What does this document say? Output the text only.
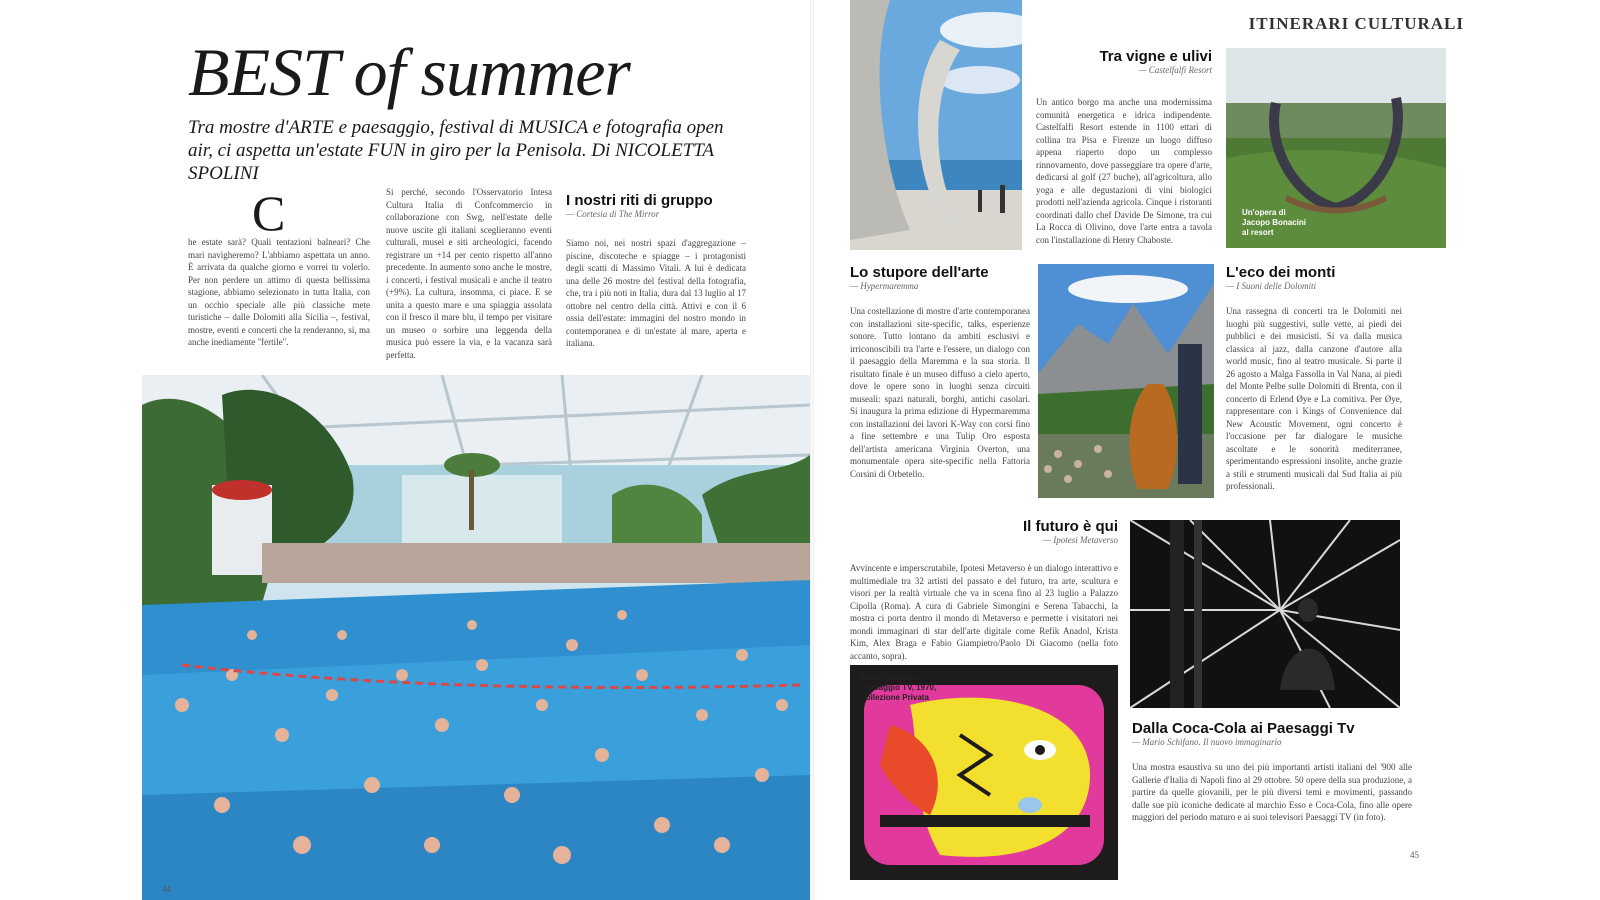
BEST of summer

Tra mostre d'ARTE e paesaggio, festival di MUSICA e fotografia open air, ci aspetta un'estate FUN in giro per la Penisola. Di NICOLETTA SPOLINI

C

he estate sarà? Quali tentazioni balneari? Che mari navigheremo? L'abbiamo aspettata un anno. È arrivata da qualche giorno e vorrei tu volerlo. Per non perdere un attimo di questa bellissima stagione, abbiamo selezionato in tutta Italia, con un occhio speciale alle più classiche mete turistiche – dalle Dolomiti alla Sicilia –, festival, mostre, eventi e concerti che la renderanno, sì, ma anche inediamente "fertile".

Si perché, secondo l'Osservatorio Intesa Cultura Italia di Confcommercio in collaborazione con Swg, nell'estate delle nuove uscite gli italiani sceglieranno eventi culturali, musei e siti archeologici, facendo registrare un +14 per cento rispetto all'anno precedente. In aumento sono anche le mostre, i concerti, i festival musicali e anche il teatro (+9%). La cultura, insomma, ci piace. E se unita a questo mare e una spiaggia assolata con il fresco il mare blu, il tempo per visitare un museo o sorbire una leggenda della musica può essere la via, e la vacanza sarà perfetta.

I nostri riti di gruppo

— Cortesia di The Mirror

Siamo noi, nei nostri spazi d'aggregazione – piscine, discoteche e spiagge – i protagonisti degli scatti di Massimo Vitali. A lui è dedicata una delle 26 mostre del festival della fotografia, che, tra i più noti in Italia, dura dal 13 luglio al 17 ottobre nel centro della città. Attivi e con il 6 ossia dell'estate: immagini del nostro mondo in contemporanea e di un'estate al mare, aperta e italiana.

44
ITINERARI CULTURALI
Tra vigne e ulivi

— Castelfalfi Resort

Un antico borgo ma anche una modernissima comunità energetica e idrica indipendente. Castelfalfi Resort estende in 1100 ettari di collina tra Pisa e Firenze un luogo diffuso appena riaperto dopo un complesso rinnovamento, dove passeggiare tra opere d'arte, dedicarsi al golf (27 buche), all'agricoltura, allo yoga e alle degustazioni di vini biologici prodotti nell'azienda agricola. Cinque i ristoranti coordinati dallo chef Davide De Simone, tra cui La Rocca di Olivino, dove l'arte entra a tavola con l'installazione di Henry Chaboste.

Un'opera di Jacopo Bonacini al resort
Lo stupore dell'arte

— Hypermaremma

Una costellazione di mostre d'arte contemporanea con installazioni site-specific, talks, esperienze sonore. Tutto lontano da ambiti esclusivi e irriconoscibili tra l'arte e l'essere, un dialogo con il paesaggio della Maremma e la sua storia. Il risultato finale è un museo diffuso a cielo aperto, dove le opere sono in luoghi senza circuiti museali: spazi naturali, borghi, antichi casolari. Si inaugura la prima edizione di Hypermaremma con installazioni dei lavori K-Way con corsi fino a fine settembre e una Tulip Oro esposta dell'artista americana Virginia Overton, una monumentale opera site-specific nella Fattoria Corsini di Orbetello.

L'eco dei monti

— I Suoni delle Dolomiti

Una rassegna di concerti tra le Dolomiti nei luoghi più suggestivi, sulle vette, ai piedi dei pubblici e dei musicisti. Si va dalla musica classica al jazz, dalla canzone d'autore alla world music, fino al teatro musicale. Si parte il 26 agosto a Malga Fassolla in Val Nana, ai piedi del Monte Pelbe sulle Dolomiti di Brenta, con il concerto di Erlend Øye e La comitiva. Per Øye, rappresentare con i Kings of Convenience dal New Acoustic Movement, ogni concerto è l'occasione per far dialogare le musiche ascoltate e le sonorità mediterranee, sperimentando espressioni insolite, anche grazie a stili e strumenti musicali dal Sud Italia ai più professionali.

Il futuro è qui

— Ipotesi Metaverso

Avvincente e imperscrutabile, Ipotesi Metaverso è un dialogo interattivo e multimediale tra 32 artisti del passato e del futuro, tra arte, scultura e visori per la realtà virtuale che va in scena fino al 23 luglio a Palazzo Cipolla (Roma). A cura di Gabriele Simongini e Serena Tabacchi, la mostra ci porta dentro il mondo di Metaverso e permette i visitatori nei mondi immaginari di star dell'arte digitale come Refik Anadol, Krista Kim, Alex Braga e Fabio Giampietro/Paolo Di Giacomo (nella foto accanto, sopra).

Mario Schifano, Paesaggio TV, 1970, Collezione Privata
Dalla Coca-Cola ai Paesaggi Tv

— Mario Schifano. Il nuovo immaginario

Una mostra esaustiva su uno dei più importanti artisti italiani del '900 alle Gallerie d'Italia di Napoli fino al 29 ottobre. 50 opere della sua produzione, a partire da quelle giovanili, per le più diversi temi e movimenti, passando dalle sue più iconiche dedicate al marchio Esso e Coca-Cola, fino alle opere maggiori del periodo maturo e ai suoi televisori Paesaggi TV (in foto).

45
